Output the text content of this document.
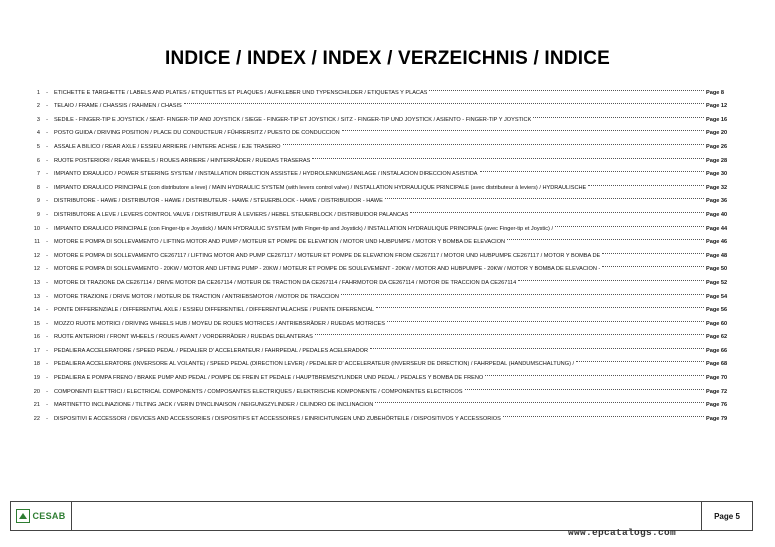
INDICE / INDEX / INDEX / VERZEICHNIS / INDICE
1	-	ETICHETTE E TARGHETTE / LABELS AND PLATES / ETIQUETTES ET PLAQUES / AUFKLEBER UND TYPENSCHILDER / ETIQUETAS Y PLACAS	Page 8
2	-	TELAIO / FRAME / CHASSIS / RAHMEN / CHASIS	Page 12
3	-	SEDILE - FINGER-TIP E JOYSTICK / SEAT- FINGER-TIP AND JOYSTICK / SIEGE - FINGER-TIP ET JOYSTICK / SITZ - FINGER-TIP UND JOYSTICK / ASIENTO - FINGER-TIP Y JOYSTICK	Page 16
4	-	POSTO GUIDA / DRIVING POSITION / PLACE DU CONDUCTEUR / FÜHRERSITZ / PUESTO DE CONDUCCION	Page 20
5	-	ASSALE A BILICO / REAR AXLE / ESSIEU ARRIERE / HINTERE ACHSE / EJE TRASERO	Page 26
6	-	RUOTE POSTERIORI / REAR WHEELS / ROUES ARRIERE / HINTERRÄDER / RUEDAS TRASERAS	Page 28
7	-	IMPIANTO IDRAULICO / POWER STEERING SYSTEM / INSTALLATION DIRECTION ASSISTEE / HYDROLENKUNGSANLAGE / INSTALACION DIRECCION ASISTIDA	Page 30
8	-	IMPIANTO IDRAULICO PRINCIPALE (con distributore a leve) / MAIN HYDRAULIC SYSTEM (with levers control valve) / INSTALLATION HYDRAULIQUE PRINCIPALE (avec distributeur à leviers) / HYDRAULISCHE	Page 32
9	-	DISTRIBUTORE - HAWE / DISTRIBUTOR - HAWE / DISTRIBUTEUR - HAWE / STEUERBLOCK - HAWE / DISTRIBUIDOR - HAWE	Page 36
9	-	DISTRIBUTORE A LEVE / LEVERS CONTROL VALVE / DISTRIBUTEUR À LEVIERS / HEBEL STEUERBLOCK / DISTRIBUIDOR PALANCAS	Page 40
10	-	IMPIANTO IDRAULICO PRINCIPALE (con Finger-tip e Joystick) / MAIN HYDRAULIC SYSTEM (with Finger-tip and Joystick) / INSTALLATION HYDRAULIQUE PRINCIPALE (avec Finger-tip et Joystic) /	Page 44
11	-	MOTORE E POMPA DI SOLLEVAMENTO / LIFTING MOTOR AND PUMP / MOTEUR ET POMPE DE ELEVATION / MOTOR UND HUBPUMPE / MOTOR Y BOMBA DE ELEVACION	Page 46
12	-	MOTORE E POMPA DI SOLLEVAMENTO CE267117 / LIFTING MOTOR AND PUMP CE267117 / MOTEUR ET POMPE DE ELEVATION FROM CE267117 / MOTOR UND HUBPUMPE CE267117 / MOTOR Y BOMBA DE	Page 48
12	-	MOTORE E POMPA DI SOLLEVAMENTO - 20KW / MOTOR AND LIFTING PUMP - 20KW / MOTEUR ET POMPE DE SOULEVEMENT - 20KW / MOTOR AND HUBPUMPE - 20KW / MOTOR Y BOMBA DE ELEVACION -	Page 50
13	-	MOTORE DI TRAZIONE DA CE267114 / DRIVE MOTOR DA CE267114 / MOTEUR DE TRACTION DA CE267114 / FAHRMOTOR DA CE267114 / MOTOR DE TRACCION DA CE267114	Page 52
13	-	MOTORE TRAZIONE / DRIVE MOTOR / MOTEUR DE TRACTION / ANTRIEBSMOTOR / MOTOR DE TRACCION	Page 54
14	-	PONTE DIFFERENZIALE / DIFFERENTIAL AXLE / ESSIEU DIFFERENTIEL / DIFFERENTIALACHSE / PUENTE DIFERENCIAL	Page 56
15	-	MOZZO RUOTE MOTRICI / DRIVING WHEELS HUB / MOYEU DE ROUES MOTRICES / ANTRIEBSRÄDER / RUEDAS MOTRICES	Page 60
16	-	RUOTE ANTERIORI / FRONT WHEELS / ROUES AVANT / VORDERRÄDER / RUEDAS DELANTERAS	Page 62
17	-	PEDALIERA ACCELERATORE / SPEED PEDAL / PEDALIER D' ACCELERATEUR / FAHRPEDAL / PEDALES ACELERADOR	Page 66
18	-	PEDALIERA ACCELERATORE (INVERSORE AL VOLANTE) / SPEED PEDAL (DIRECTION LEVER) / PEDALIER D' ACCELERATEUR (INVERSEUR DE DIRECTION) / FAHRPEDAL (HANDUMSCHALTUNG) /	Page 68
19	-	PEDALIERA E POMPA FRENO / BRAKE PUMP AND PEDAL / POMPE DE FREIN ET PEDALE / HAUPTBREMSZYLINDER UND PEDAL / PEDALES Y BOMBA DE FRENO	Page 70
20	-	COMPONENTI ELETTRICI / ELECTRICAL COMPONENTS / COMPOSANTES ELECTRIQUES / ELEKTRISCHE KOMPONENTE / COMPONENTES ELECTRICOS	Page 72
21	-	MARTINETTO INCLINAZIONE / TILTING JACK / VERIN D'INCLINAISON / NEIGUNGZYLINDER / CILINDRO DE INCLINACION	Page 76
22	-	DISPOSITIVI E ACCESSORI / DEVICES AND ACCESSORIES / DISPOSITIFS ET ACCESSOIRES / EINRICHTUNGEN UND ZUBEHÖRTEILE / DISPOSITIVOS Y ACCESSORIOS	Page 79
CESAB	Page 5
www.epcatalogs.com
